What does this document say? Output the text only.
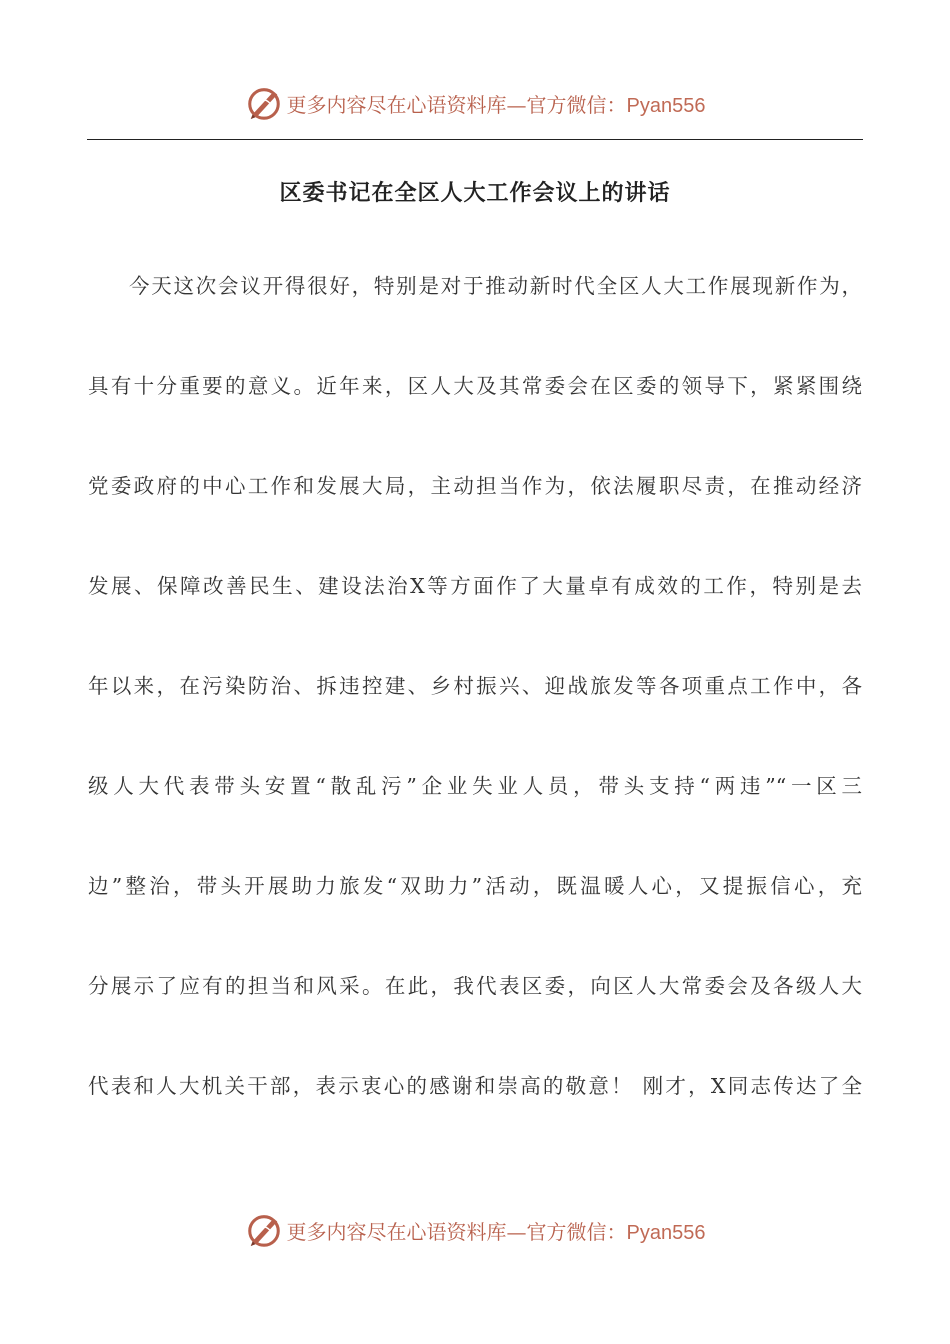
更多内容尽在心语资料库—官方微信：Pyan556
区委书记在全区人大工作会议上的讲话
今天这次会议开得很好，特别是对于推动新时代全区人大工作展现新作为，
具有十分重要的意义。近年来，区人大及其常委会在区委的领导下，紧紧围绕
党委政府的中心工作和发展大局，主动担当作为，依法履职尽责，在推动经济
发展、保障改善民生、建设法治X等方面作了大量卓有成效的工作，特别是去
年以来，在污染防治、拆违控建、乡村振兴、迎战旅发等各项重点工作中，各
级人大代表带头安置“散乱污”企业失业人员，带头支持“两违”“一区三
边”整治，带头开展助力旅发“双助力”活动，既温暖人心，又提振信心，充
分展示了应有的担当和风采。在此，我代表区委，向区人大常委会及各级人大
代表和人大机关干部，表示衷心的感谢和崇高的敬意！ 刚才，X同志传达了全
更多内容尽在心语资料库—官方微信：Pyan556
